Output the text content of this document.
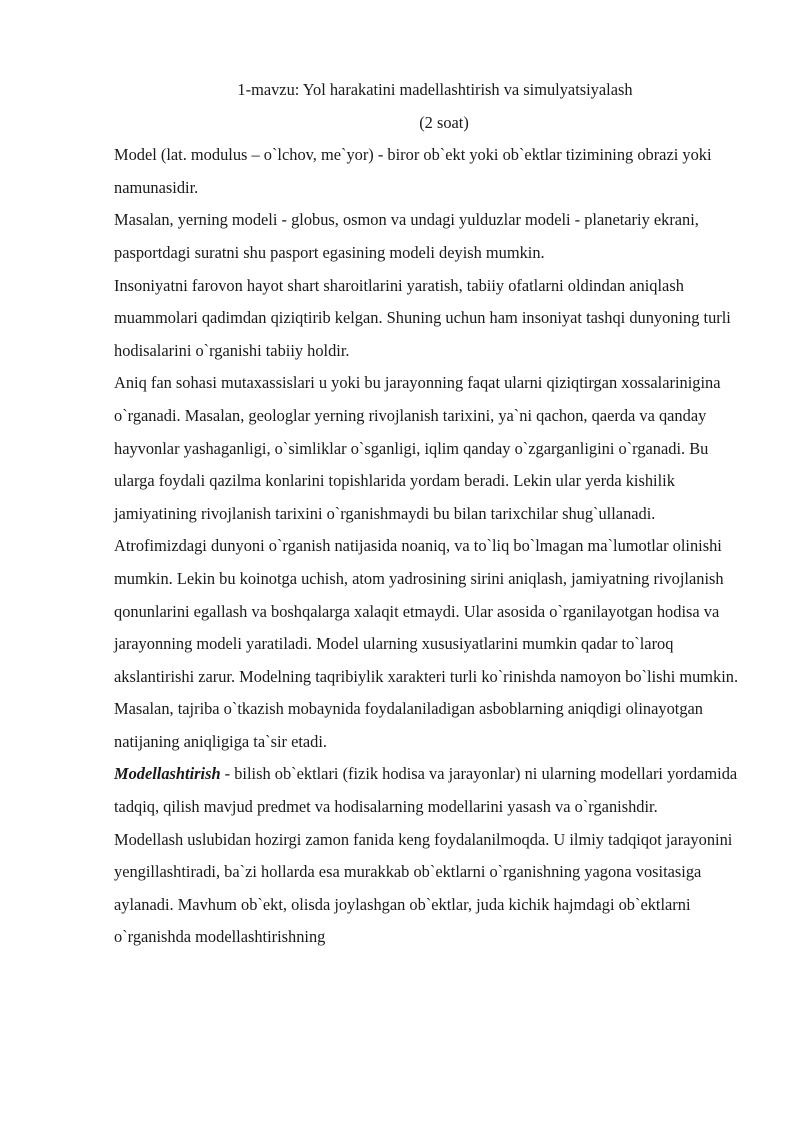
1-mavzu: Yol harakatini madellashtirish va simulyatsiyalash
(2 soat)

Model (lat. modulus – o`lchov, me`yor) - biror ob`ekt yoki ob`ektlar tizimining obrazi yoki namunasidir.

Masalan, yerning modeli - globus, osmon va undagi yulduzlar modeli - planetariy ekrani, pasportdagi suratni shu pasport egasining modeli deyish mumkin.

Insoniyatni farovon hayot shart sharoitlarini yaratish, tabiiy ofatlarni oldindan aniqlash muammolari qadimdan qiziqtirib kelgan. Shuning uchun ham insoniyat tashqi dunyoning turli hodisalarini o`rganishi tabiiy holdir.

Aniq fan sohasi mutaxassislari u yoki bu jarayonning faqat ularni qiziqtirgan xossalarinigina o`rganadi. Masalan, geologlar yerning rivojlanish tarixini, ya`ni qachon, qaerda va qanday hayvonlar yashaganligi, o`simliklar o`sganligi, iqlim qanday o`zgarganligini o`rganadi. Bu ularga foydali qazilma konlarini topishlarida yordam beradi. Lekin ular yerda kishilik jamiyatining rivojlanish tarixini o`rganishmaydi bu bilan tarixchilar shug`ullanadi.

Atrofimizdagi dunyoni o`rganish natijasida noaniq, va to`liq bo`lmagan ma`lumotlar olinishi mumkin. Lekin bu koinotga uchish, atom yadrosining sirini aniqlash, jamiyatning rivojlanish qonunlarini egallash va boshqalarga xalaqit etmaydi. Ular asosida o`rganilayotgan hodisa va jarayonning modeli yaratiladi. Model ularning xususiyatlarini mumkin qadar to`laroq akslantirishi zarur. Modelning taqribiylik xarakteri turli ko`rinishda namoyon bo`lishi mumkin. Masalan, tajriba o`tkazish mobaynida foydalaniladigan asboblarning aniqdigi olinayotgan natijaning aniqligiga ta`sir etadi.

Modellashtirish - bilish ob`ektlari (fizik hodisa va jarayonlar) ni ularning modellari yordamida tadqiq, qilish mavjud predmet va hodisalarning modellarini yasash va o`rganishdir.

Modellash uslubidan hozirgi zamon fanida keng foydalanilmoqda. U ilmiy tadqiqot jarayonini yengillashtiradi, ba`zi hollarda esa murakkab ob`ektlarni o`rganishning yagona vositasiga aylanadi. Mavhum ob`ekt, olisda joylashgan ob`ektlar, juda kichik hajmdagi ob`ektlarni o`rganishda modellashtirishning
